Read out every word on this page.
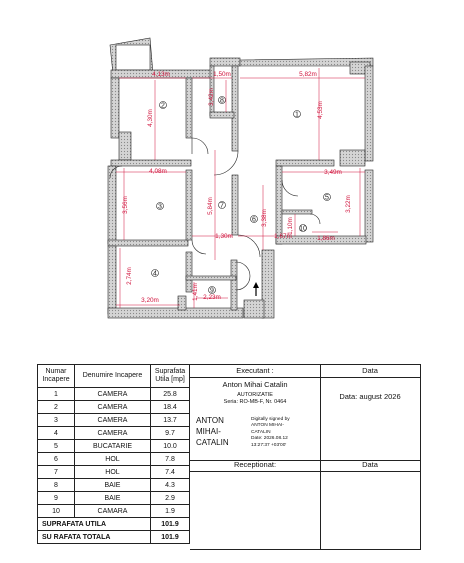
2
1
3
4
5
6
7
8
9
10
4,13m	1,50m	5,82m
4,30m
3,42m
4,53m
4,08m	3,49m
3,56m	5,84m
3,38m
3,22m
1,67m
1,10m
1,86m
1,30m
2,74m
1,41m 2,23m
3,20m
Numar Incapere	Denumire Incapere	Suprafata Utila [mp]
1	CAMERA	25.8
2	CAMERA	18.4
3	CAMERA	13.7
4	CAMERA	9.7
5	BUCATARIE	10.0
6	HOL	7.8
7	HOL	7.4
8	BAIE	4.3
9	BAIE	2.9
10	CAMARA	1.9
SUPRAFATA UTILA		101.9
SU RAFATA TOTALA		101.9
Executant :
Anton Mihai Catalin
AUTORIZATIE
Seria: RO-MB-F, Nr. 0464
ANTON
MIHAI-
CATALIN
Digitally signed by
ANTON MIHAI-
CATALIN
Date: 2026.08.12
13:27:37 +03'00'
Data
Data: august 2026
Receptionat:	Data
